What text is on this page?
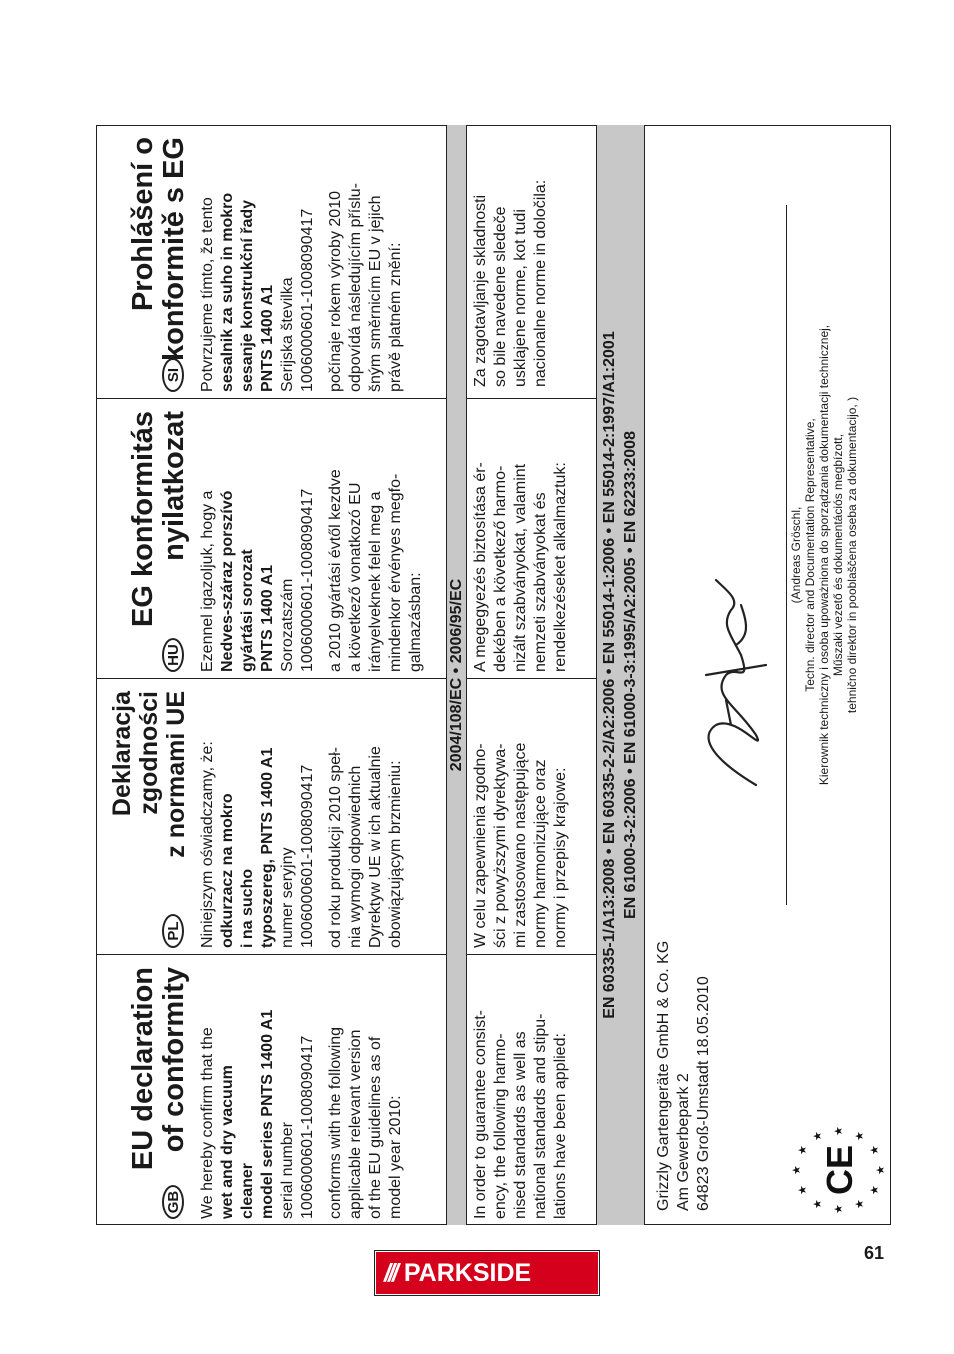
2004/108/EC • 2006/95/EC	EN 60335-1/A13:2008 • EN 60335-2-2/A2:2006 • EN 55014-1:2006 • EN 55014-2:1997/A1:2001 EN 61000-3-2:2006 • EN 61000-3-3:1995/A2:2005 • EN 62233:2008
GB
EU declaration of conformity We hereby confirm that the wet and dry vacuum cleaner model series PNTS 1400 A1 serial number 1006000601-1008090417 conforms with the following applicable relevant version of the EU guidelines as of model year 2010:

PL
Deklaracja zgodności z normami UE Niniejszym oświadczamy, że: odkurzacz na mokro i na sucho typoszereg, PNTS 1400 A1 numer seryjny 1006000601-1008090417 od roku produkcji 2010 speł- nia wymogi odpowiednich Dyrektyw UE w ich aktualnie obowiązującym brzmieniu:

HU
EG konformitás nyilatkozat

Ezennel igazoljuk, hogy a Nedves-száraz porszívó gyártási sorozat PNTS 1400 A1 Sorozatszám 1006000601-1008090417 a 2010 gyártási évtől kezdve a következő vonatkozó EU irányelveknek felel meg a mindenkor érvényes megfo- galmazásban:

SI
Prohlášení o konformitě s EG Potvrzujeme tímto, že tento sesalnik za suho in mokro sesanje konstrukční řady PNTS 1400 A1 Serijska številka 1006000601-1008090417 počínaje rokem výroby 2010 odpovídá následujícím příslu- šným směrnicím EU v jejich právě platném znění:

In order to guarantee consist- ency, the following harmo- nised standards as well as national standards and stipu- lations have been applied:
W celu zapewnienia zgodno- ści z powyższymi dyrektywa- mi zastosowano następujące normy harmonizujące oraz normy i przepisy krajowe:
A megegyezés biztosítása ér- dekében a következő harmo- nizált szabványokat, valamint nemzeti szabványokat és rendelkezéseket alkalmaztuk:
Za zagotavljanje skladnosti so bile navedene sledeče usklajene norme, kot tudi nacionalne norme in določila:
Grizzly Gartengeräte GmbH & Co. KG Am Gewerbepark 2 64823 Groß-Umstadt 18.05.2010	★
★
★
★
★
★
★
★
★
★
★
★ CE
(Andreas Gröschl, Techn. director and Documentation Representative, Kierownik techniczny i osoba upoważniona do sporządzania dokumentacji technicznej, Műszaki vezető és dokumentációs megbízott, tehnično direktor in pooblaščena oseba za dokumentacijo, )
/// PARKSIDE
61
